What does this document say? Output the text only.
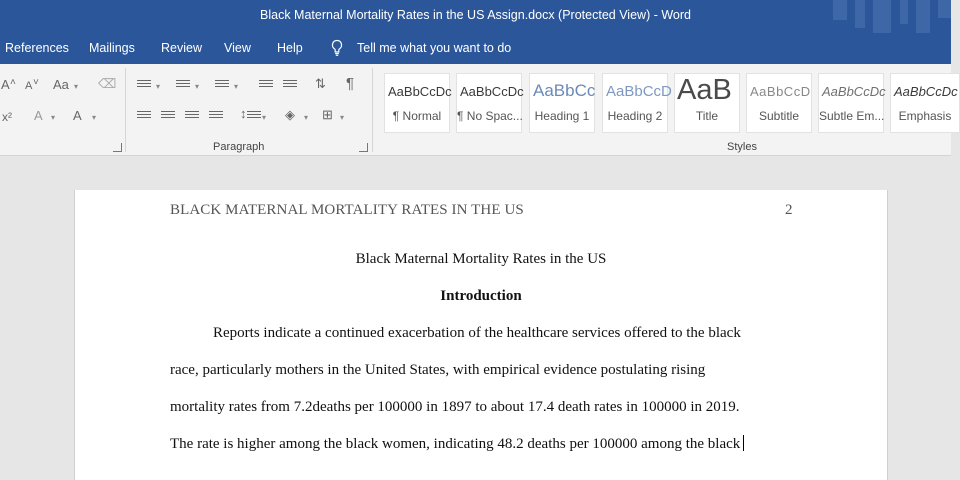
Black Maternal Mortality Rates in the US Assign.docx (Protected View) - Word
References Mailings Review View Help	Tell me what you want to do
A ˄ A ˅ Aa ▾ ⌫
x² A ▾ A ▾
▾	▾	▾	⇅ ¶
↕ ▾ ◈ ▾ ⊞ ▾
Paragraph
AaBbCcDc
¶ Normal
AaBbCcDc
¶ No Spac...
AaBbCc
Heading 1
AaBbCcD
Heading 2
AaB
Title
AaBbCcD
Subtitle
AaBbCcDc
Subtle Em...
AaBbCcDc
Emphasis
Styles
BLACK MATERNAL MORTALITY RATES IN THE US	2
Black Maternal Mortality Rates in the US
Introduction
Reports indicate a continued exacerbation of the healthcare services offered to the black
race, particularly mothers in the United States, with empirical evidence postulating rising
mortality rates from 7.2deaths per 100000 in 1897 to about 17.4 death rates in 100000 in 2019.
The rate is higher among the black women, indicating 48.2 deaths per 100000 among the black
